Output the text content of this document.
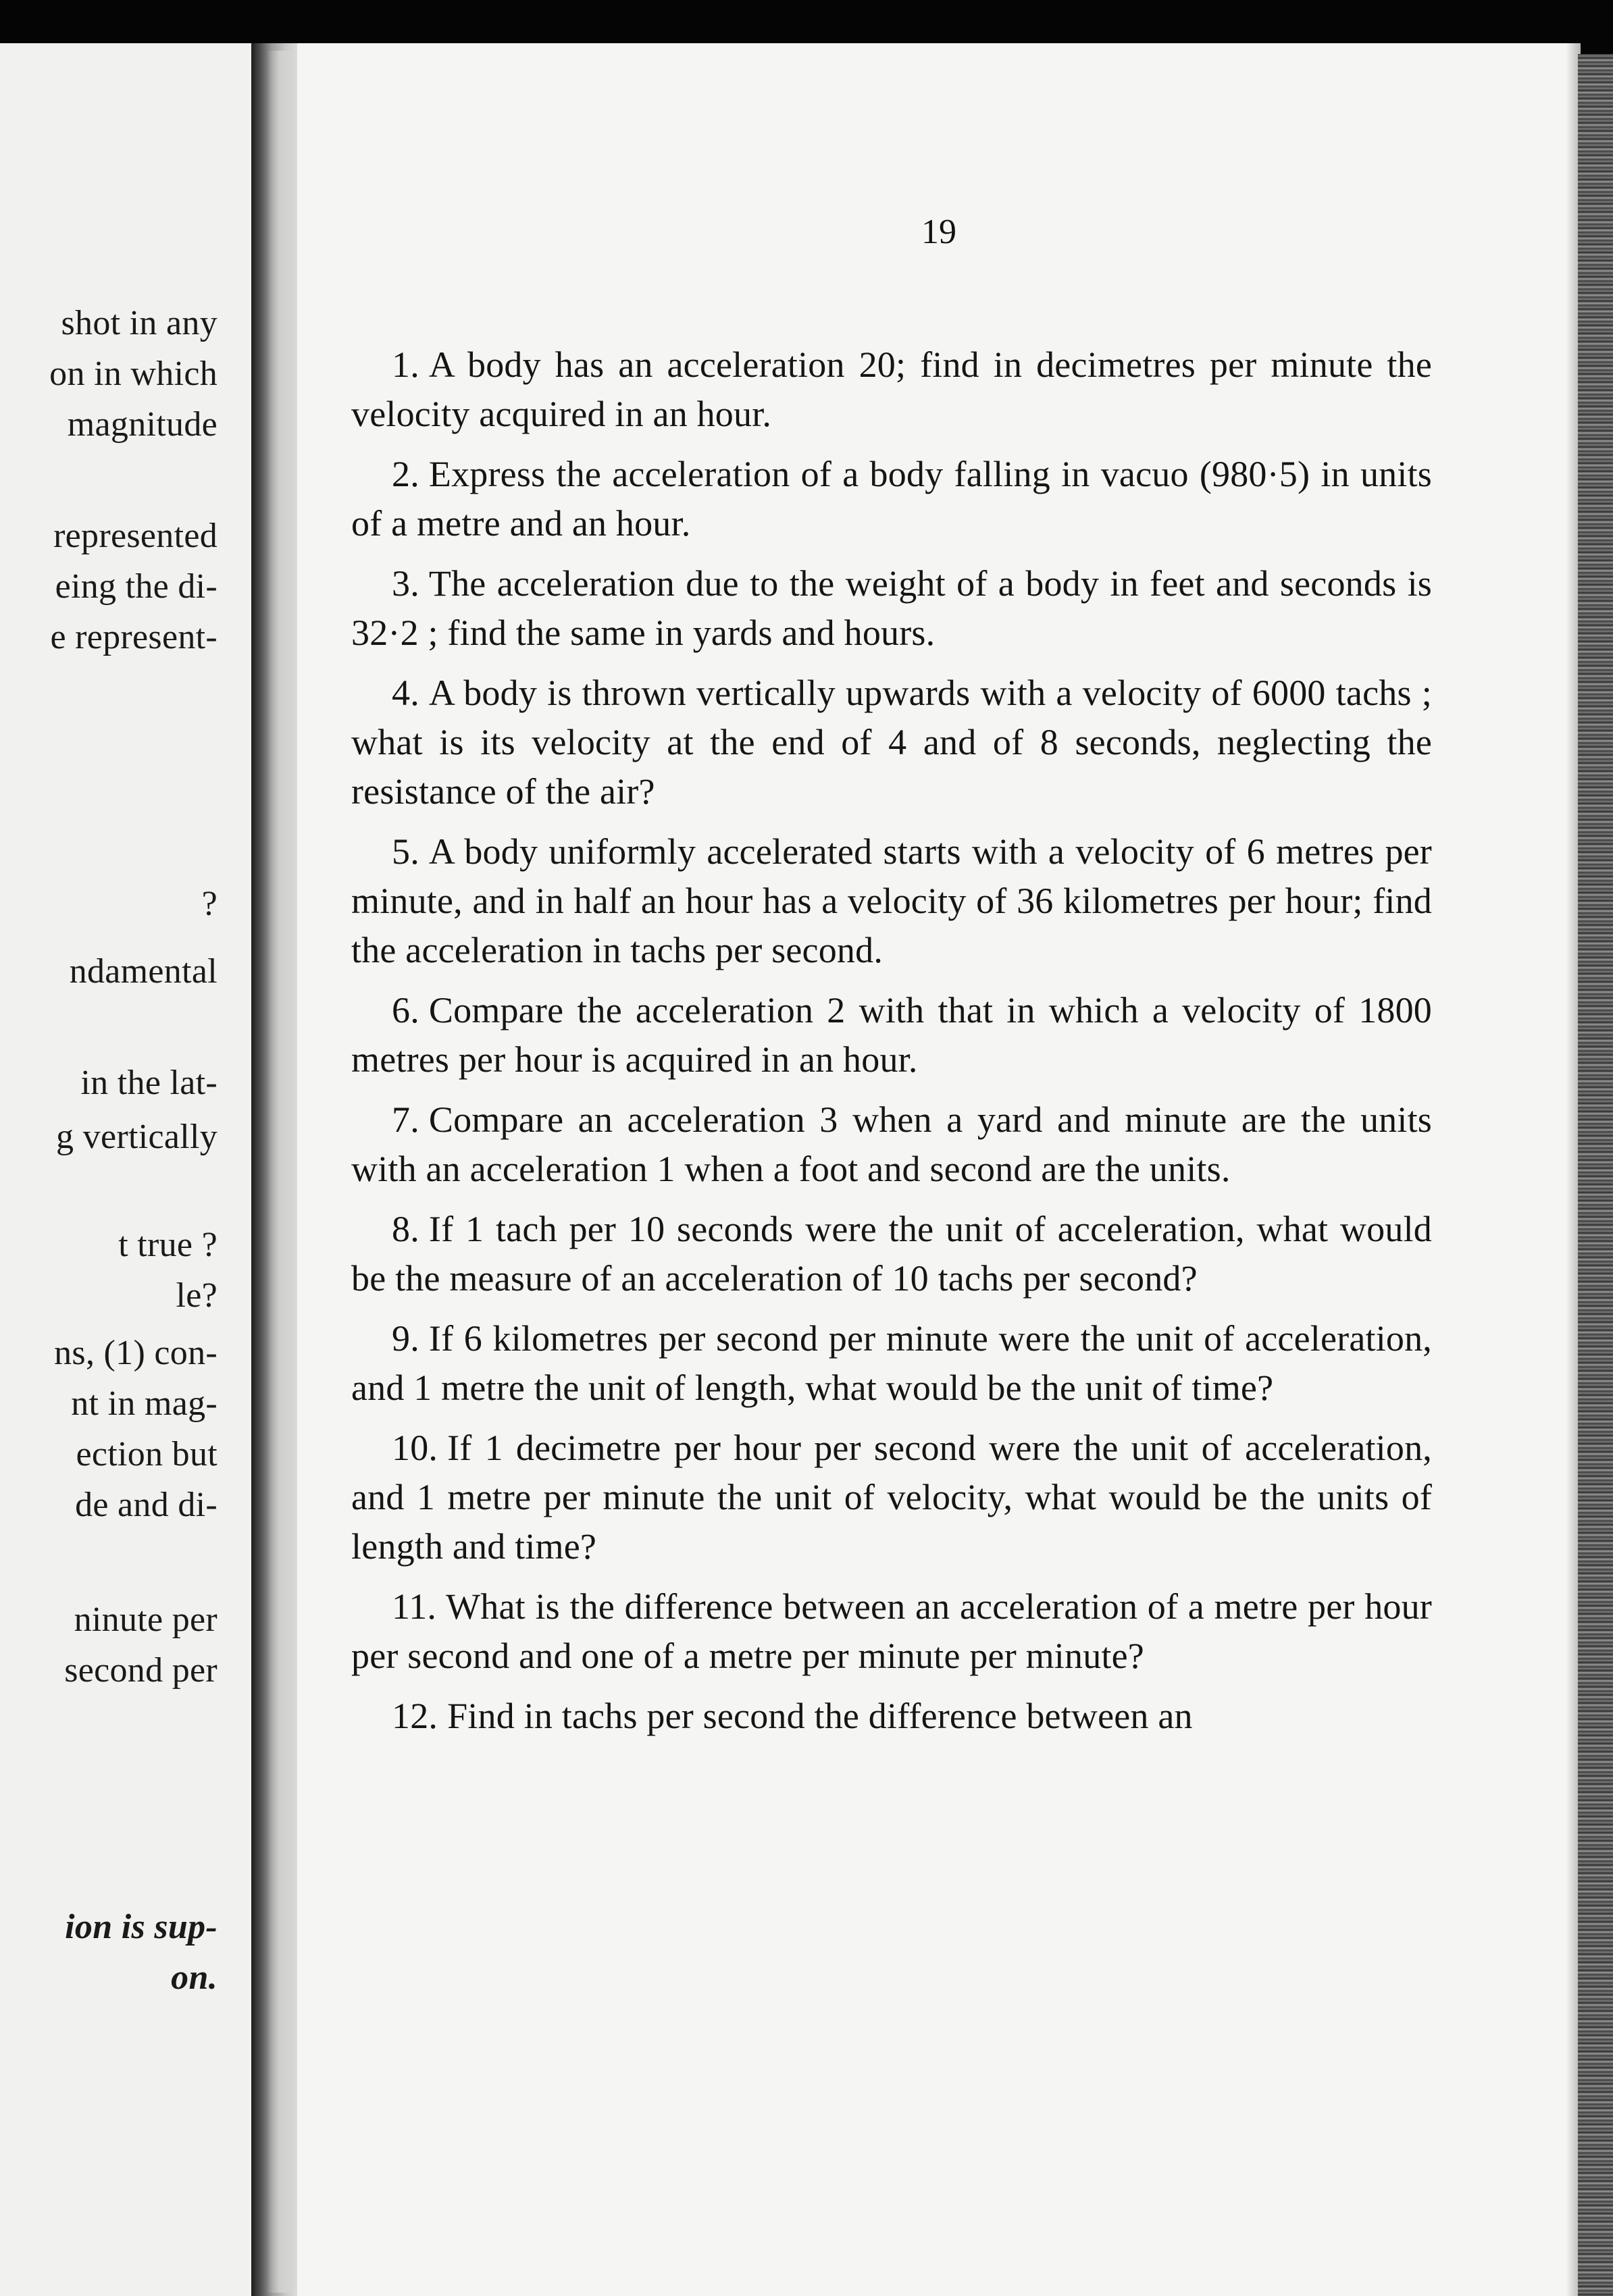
shot in any
on in which
magnitude
represented
eing the di-
e represent-
?
ndamental
in the lat-
g vertically
t true ?
le?
ns, (1) con-
nt in mag-
ection but
de and di-
ninute per
second per
ion is sup-
on.
19

1. A body has an acceleration 20; find in decimetres per minute the velocity acquired in an hour.

2. Express the acceleration of a body falling in vacuo (980·5) in units of a metre and an hour.

3. The acceleration due to the weight of a body in feet and seconds is 32·2 ; find the same in yards and hours.

4. A body is thrown vertically upwards with a velocity of 6000 tachs ; what is its velocity at the end of 4 and of 8 seconds, neglecting the resistance of the air?

5. A body uniformly accelerated starts with a velocity of 6 metres per minute, and in half an hour has a velocity of 36 kilometres per hour; find the acceleration in tachs per second.

6. Compare the acceleration 2 with that in which a velocity of 1800 metres per hour is acquired in an hour.

7. Compare an acceleration 3 when a yard and minute are the units with an acceleration 1 when a foot and second are the units.

8. If 1 tach per 10 seconds were the unit of acceleration, what would be the measure of an acceleration of 10 tachs per second?

9. If 6 kilometres per second per minute were the unit of acceleration, and 1 metre the unit of length, what would be the unit of time?

10. If 1 decimetre per hour per second were the unit of acceleration, and 1 metre per minute the unit of velocity, what would be the units of length and time?

11. What is the difference between an acceleration of a metre per hour per second and one of a metre per minute per minute?

12. Find in tachs per second the difference between an
